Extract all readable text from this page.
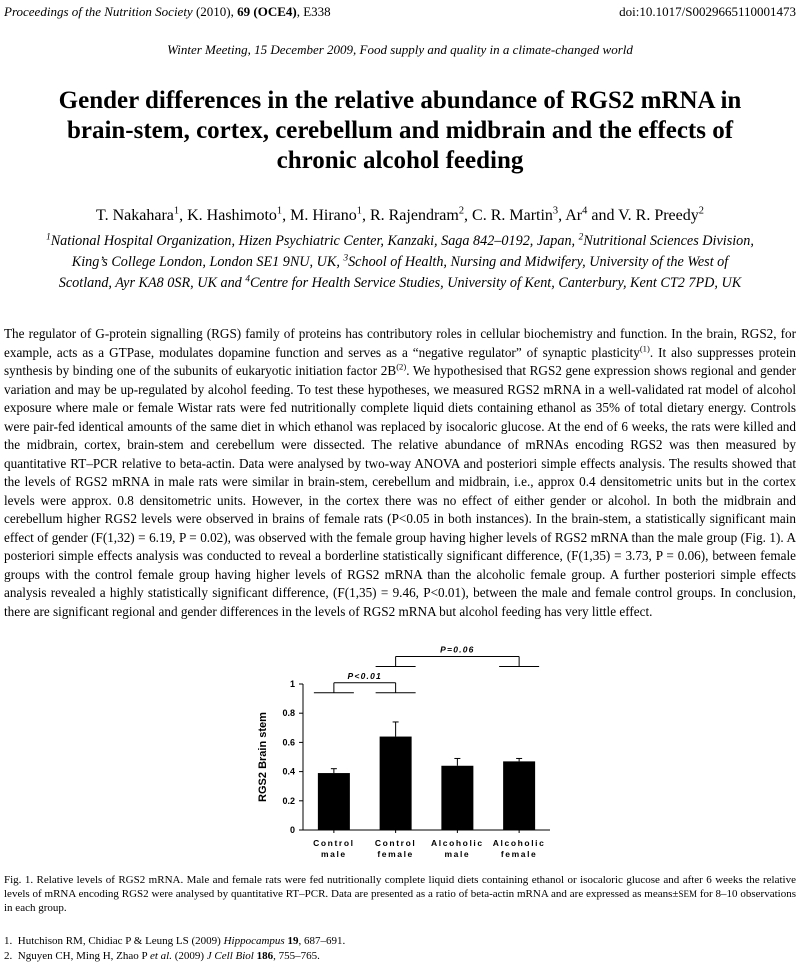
Proceedings of the Nutrition Society (2010), 69 (OCE4), E338	doi:10.1017/S0029665110001473
Winter Meeting, 15 December 2009, Food supply and quality in a climate-changed world
Gender differences in the relative abundance of RGS2 mRNA in brain-stem, cortex, cerebellum and midbrain and the effects of chronic alcohol feeding
T. Nakahara$^1$, K. Hashimoto$^1$, M. Hirano$^1$, R. Rajendram$^2$, C. R. Martin$^3$, Ar$^4$ and V. R. Preedy$^2$
$^1$National Hospital Organization, Hizen Psychiatric Center, Kanzaki, Saga 842–0192, Japan, $^2$Nutritional Sciences Division,
King’s College London, London SE1 9NU, UK, $^3$School of Health, Nursing and Midwifery, University of the West of
Scotland, Ayr KA8 0SR, UK and $^4$Centre for Health Service Studies, University of Kent, Canterbury, Kent CT2 7PD, UK

The regulator of G-protein signalling (RGS) family of proteins has contributory roles in cellular biochemistry and function. In the brain, RGS2, for example, acts as a GTPase, modulates dopamine function and serves as a “negative regulator” of synaptic plasticity$^{(1)}$. It also suppresses protein synthesis by binding one of the subunits of eukaryotic initiation factor $2B^{(2)}$. We hypothesised that RGS2 gene expression shows regional and gender variation and may be up-regulated by alcohol feeding. To test these hypotheses, we measured RGS2 mRNA in a well-validated rat model of alcohol exposure where male or female Wistar rats were fed nutritionally complete liquid diets containing ethanol as 35% of total dietary energy. Controls were pair-fed identical amounts of the same diet in which ethanol was replaced by isocaloric glucose. At the end of 6 weeks, the rats were killed and the midbrain, cortex, brain-stem and cerebellum were dissected. The relative abundance of mRNAs encoding RGS2 was then measured by quantitative RT–PCR relative to beta-actin. Data were analysed by two-way ANOVA and posteriori simple effects analysis. The results showed that the levels of RGS2 mRNA in male rats were similar in brain-stem, cerebellum and midbrain, i.e., approx 0.4 densitometric units but in the cortex levels were approx. 0.8 densitometric units. However, in the cortex there was no effect of either gender or alcohol. In both the midbrain and cerebellum higher RGS2 levels were observed in brains of female rats (P<0.05 in both instances). In the brain-stem, a statistically significant main effect of gender (F(1,32) = 6.19, P = 0.02), was observed with the female group having higher levels of RGS2 mRNA than the male group (Fig. 1). A posteriori simple effects analysis was conducted to reveal a borderline statistically significant difference, (F(1,35) = 3.73, P = 0.06), between female groups with the control female group having higher levels of RGS2 mRNA than the alcoholic female group. A further posteriori simple effects analysis revealed a highly statistically significant difference, (F(1,35) = 9.46, P<0.01), between the male and female control groups. In conclusion, there are significant regional and gender differences in the levels of RGS2 mRNA but alcohol feeding has very little effect.

0
0.2
0.4
0.6
0.8
1
RGS2 Brain stem
Control
male
Control
female
Alcoholic
male
Alcoholic
female
P<0.01
P=0.06
Fig. 1. Relative levels of RGS2 mRNA. Male and female rats were fed nutritionally complete liquid diets containing ethanol or isocaloric glucose and after 6 weeks the relative levels of mRNA encoding RGS2 were analysed by quantitative RT–PCR. Data are presented as a ratio of beta-actin mRNA and are expressed as means±SEM for 8–10 observations in each group.
1. Hutchison RM, Chidiac P & Leung LS (2009) Hippocampus 19, 687–691.
2. Nguyen CH, Ming H, Zhao P et al. (2009) J Cell Biol 186, 755–765.
